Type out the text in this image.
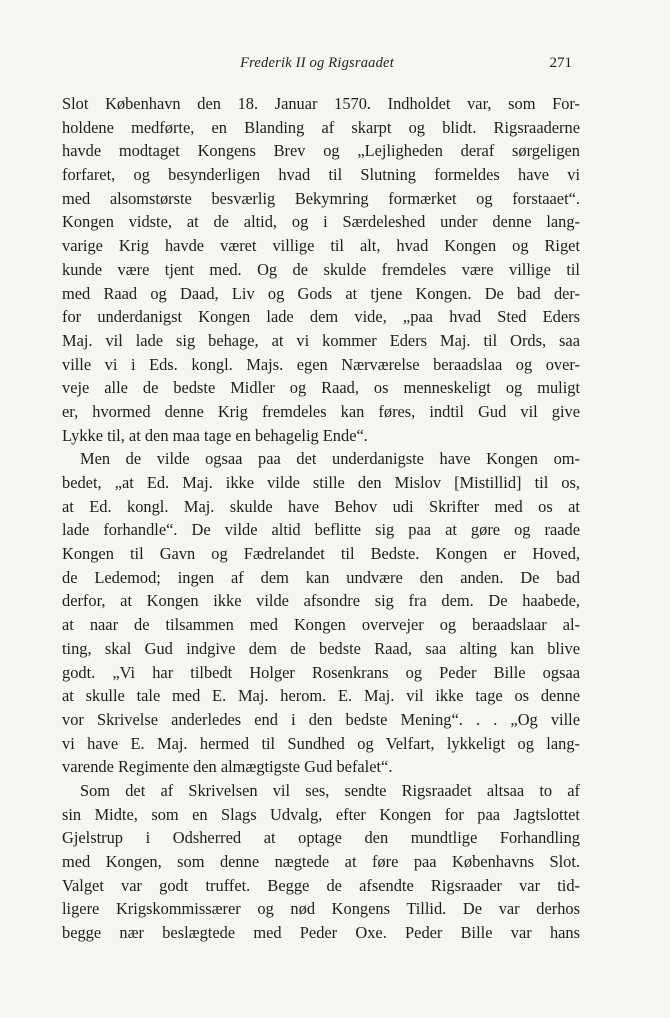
Frederik II og Rigsraadet	271
Slot København den 18. Januar 1570. Indholdet var, som For-
holdene medførte, en Blanding af skarpt og blidt. Rigsraaderne
havde modtaget Kongens Brev og „Lejligheden deraf sørgeligen
forfaret, og besynderligen hvad til Slutning formeldes have vi
med alsomstørste besværlig Bekymring formærket og forstaaet“.
Kongen vidste, at de altid, og i Særdeleshed under denne lang-
varige Krig havde været villige til alt, hvad Kongen og Riget
kunde være tjent med. Og de skulde fremdeles være villige til
med Raad og Daad, Liv og Gods at tjene Kongen. De bad der-
for underdanigst Kongen lade dem vide, „paa hvad Sted Eders
Maj. vil lade sig behage, at vi kommer Eders Maj. til Ords, saa
ville vi i Eds. kongl. Majs. egen Nærværelse beraadslaa og over-
veje alle de bedste Midler og Raad, os menneskeligt og muligt
er, hvormed denne Krig fremdeles kan føres, indtil Gud vil give
Lykke til, at den maa tage en behagelig Ende“.
Men de vilde ogsaa paa det underdanigste have Kongen om-
bedet, „at Ed. Maj. ikke vilde stille den Mislov [Mistillid] til os,
at Ed. kongl. Maj. skulde have Behov udi Skrifter med os at
lade forhandle“. De vilde altid beflitte sig paa at gøre og raade
Kongen til Gavn og Fædrelandet til Bedste. Kongen er Hoved,
de Ledemod; ingen af dem kan undvære den anden. De bad
derfor, at Kongen ikke vilde afsondre sig fra dem. De haabede,
at naar de tilsammen med Kongen overvejer og beraadslaar al-
ting, skal Gud indgive dem de bedste Raad, saa alting kan blive
godt. „Vi har tilbedt Holger Rosenkrans og Peder Bille ogsaa
at skulle tale med E. Maj. herom. E. Maj. vil ikke tage os denne
vor Skrivelse anderledes end i den bedste Mening“. . . „Og ville
vi have E. Maj. hermed til Sundhed og Velfart, lykkeligt og lang-
varende Regimente den almægtigste Gud befalet“.
Som det af Skrivelsen vil ses, sendte Rigsraadet altsaa to af
sin Midte, som en Slags Udvalg, efter Kongen for paa Jagtslottet
Gjelstrup i Odsherred at optage den mundtlige Forhandling
med Kongen, som denne nægtede at føre paa Københavns Slot.
Valget var godt truffet. Begge de afsendte Rigsraader var tid-
ligere Krigskommissærer og nød Kongens Tillid. De var derhos
begge nær beslægtede med Peder Oxe. Peder Bille var hans
